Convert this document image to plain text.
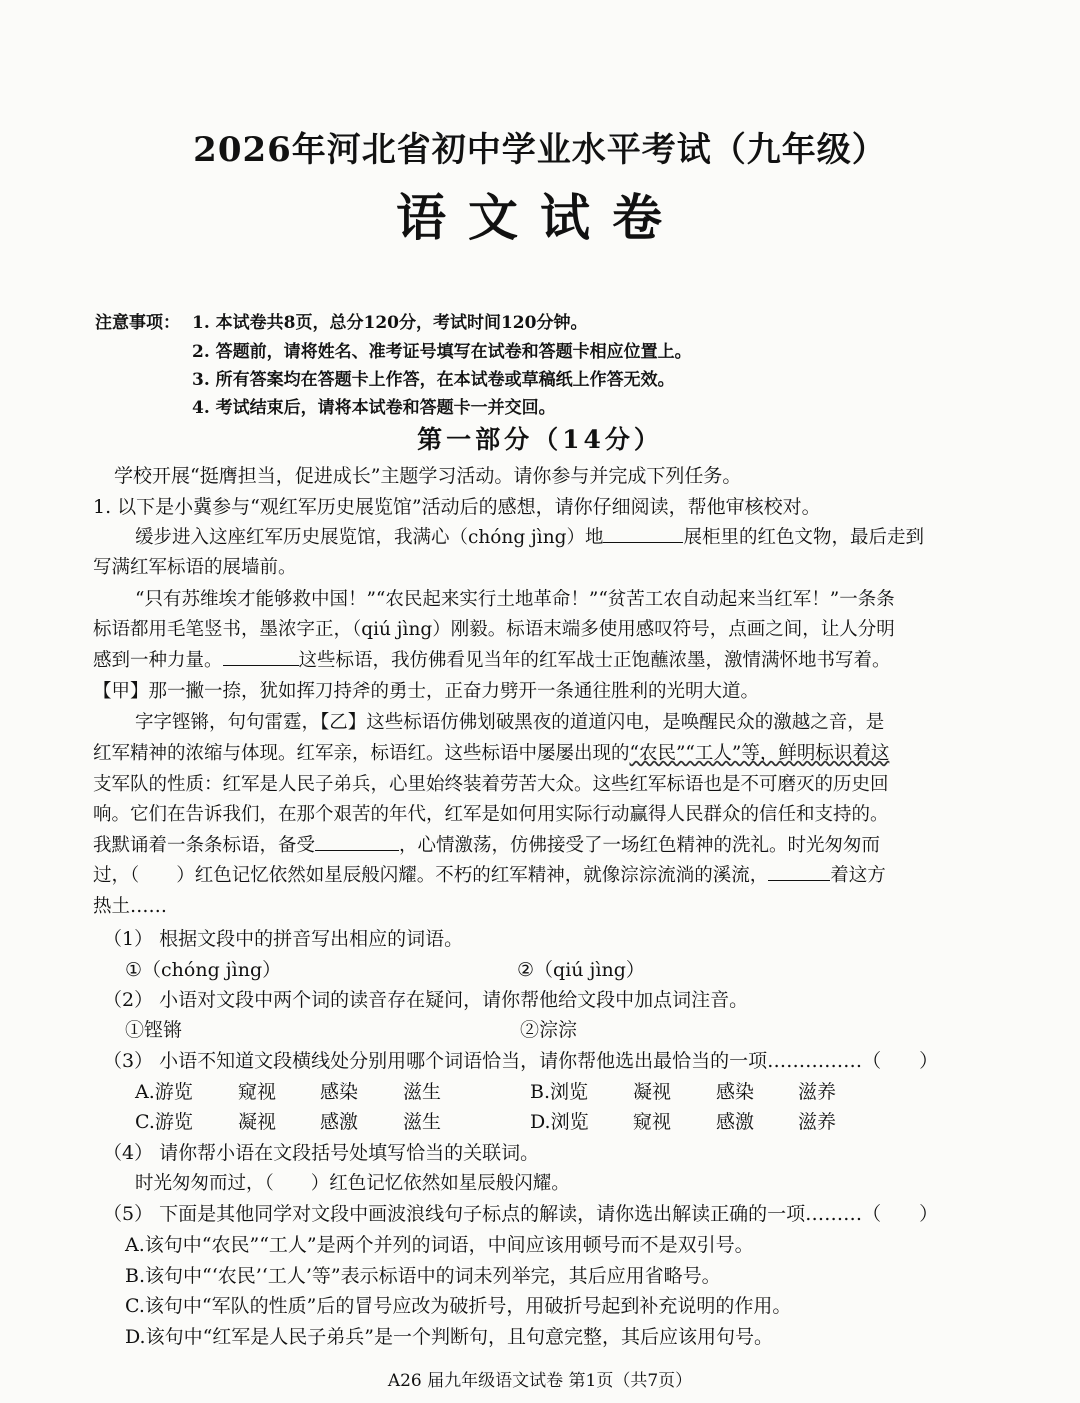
2026年河北省初中学业水平考试（九年级）
语文试卷
注意事项： 1. 本试卷共8页，总分120分，考试时间120分钟。
2. 答题前，请将姓名、准考证号填写在试卷和答题卡相应位置上。
3. 所有答案均在答题卡上作答，在本试卷或草稿纸上作答无效。
4. 考试结束后，请将本试卷和答题卡一并交回。
第一部分（14分）
学校开展“挺膺担当，促进成长”主题学习活动。请你参与并完成下列任务。
1. 以下是小冀参与“观红军历史展览馆”活动后的感想，请你仔细阅读，帮他审核校对。
缓步进入这座红军历史展览馆，我满心（chóng jìng）地	展柜里的红色文物，最后走到
写满红军标语的展墙前。
“只有苏维埃才能够救中国！”“农民起来实行土地革命！”“贫苦工农自动起来当红军！”一条条
标语都用毛笔竖书，墨浓字正，（qiú jìng）刚毅。标语末端多使用感叹符号，点画之间，让人分明
感到一种力量。	这些标语，我仿佛看见当年的红军战士正饱蘸浓墨，激情满怀地书写着。
【甲】那一撇一捺，犹如挥刀持斧的勇士，正奋力劈开一条通往胜利的光明大道。
字字铿锵，句句雷霆，【乙】这些标语仿佛划破黑夜的道道闪电，是唤醒民众的激越之音，是
红军精神的浓缩与体现。红军亲，标语红。这些标语中屡屡出现的“农民”“工人”等，鲜明标识着这
支军队的性质：红军是人民子弟兵，心里始终装着劳苦大众。这些红军标语也是不可磨灭的历史回
响。它们在告诉我们，在那个艰苦的年代，红军是如何用实际行动赢得人民群众的信任和支持的。
我默诵着一条条标语，备受	，心情激荡，仿佛接受了一场红色精神的洗礼。时光匆匆而
过，（　　）红色记忆依然如星辰般闪耀。不朽的红军精神，就像淙淙流淌的溪流，	着这方
热土……
（1） 根据文段中的拼音写出相应的词语。
①（chóng jìng）	②（qiú jìng）
（2） 小语对文段中两个词的读音存在疑问，请你帮他给文段中加点词注音。
①铿锵	②淙淙
（3） 小语不知道文段横线处分别用哪个词语恰当，请你帮他选出最恰当的一项……………（　　）
A.游览 窥视 感染 滋生	B.浏览 凝视 感染 滋养
C.游览 凝视 感激 滋生	D.浏览 窥视 感激 滋养
（4） 请你帮小语在文段括号处填写恰当的关联词。
时光匆匆而过，（　　）红色记忆依然如星辰般闪耀。
（5） 下面是其他同学对文段中画波浪线句子标点的解读，请你选出解读正确的一项………（　　）
A.该句中“农民”“工人”是两个并列的词语，中间应该用顿号而不是双引号。
B.该句中“‘农民’‘工人’等”表示标语中的词未列举完，其后应用省略号。
C.该句中“军队的性质”后的冒号应改为破折号，用破折号起到补充说明的作用。
D.该句中“红军是人民子弟兵”是一个判断句，且句意完整，其后应该用句号。
A26 届九年级语文试卷 第1页（共7页）
